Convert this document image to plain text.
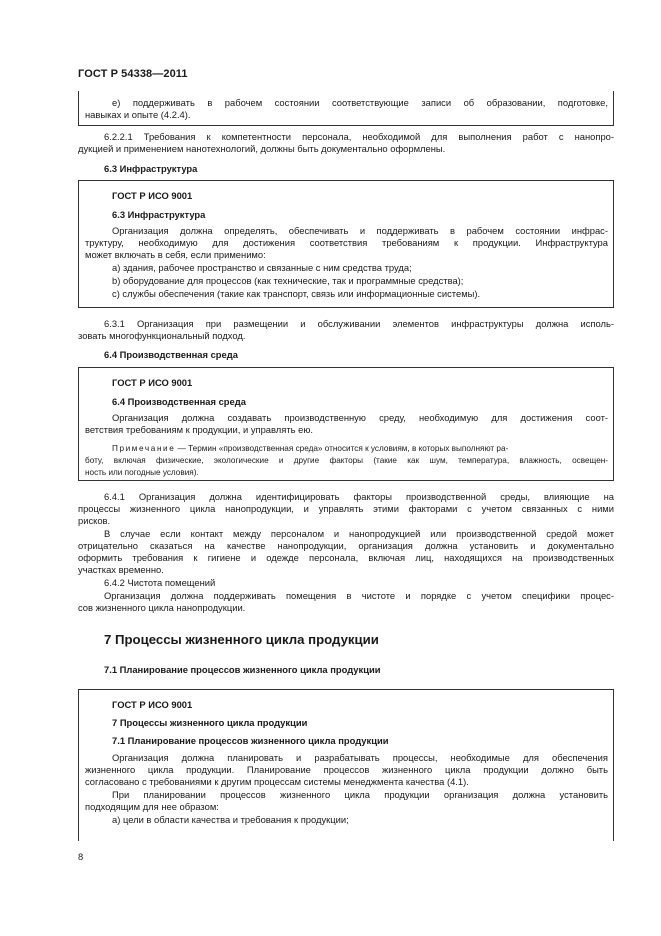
ГОСТ Р 54338—2011
e) поддерживать в рабочем состоянии соответствующие записи об образовании, подготовке,
навыках и опыте (4.2.4).
6.2.2.1 Требования к компетентности персонала, необходимой для выполнения работ с нанопро-
дукцией и применением нанотехнологий, должны быть документально оформлены.
6.3 Инфраструктура
ГОСТ Р ИСО 9001
6.3 Инфраструктура
Организация должна определять, обеспечивать и поддерживать в рабочем состоянии инфрас-
труктуру, необходимую для достижения соответствия требованиям к продукции. Инфраструктура
может включать в себя, если применимо:
a) здания, рабочее пространство и связанные с ним средства труда;
b) оборудование для процессов (как технические, так и программные средства);
c) службы обеспечения (такие как транспорт, связь или информационные системы).
6.3.1 Организация при размещении и обслуживании элементов инфраструктуры должна исполь-
зовать многофункциональный подход.
6.4 Производственная среда
ГОСТ Р ИСО 9001
6.4 Производственная среда
Организация должна создавать производственную среду, необходимую для достижения соот-
ветствия требованиям к продукции, и управлять ею.
Примечание — Термин «производственная среда» относится к условиям, в которых выполняют ра-
боту, включая физические, экологические и другие факторы (такие как шум, температура, влажность, освещен-
ность или погодные условия).
6.4.1 Организация должна идентифицировать факторы производственной среды, влияющие на
процессы жизненного цикла нанопродукции, и управлять этими факторами с учетом связанных с ними
рисков.
В случае если контакт между персоналом и нанопродукцией или производственной средой может
отрицательно сказаться на качестве нанопродукции, организация должна установить и документально
оформить требования к гигиене и одежде персонала, включая лиц, находящихся на производственных
участках временно.
6.4.2 Чистота помещений
Организация должна поддерживать помещения в чистоте и порядке с учетом специфики процес-
сов жизненного цикла нанопродукции.
7 Процессы жизненного цикла продукции
7.1 Планирование процессов жизненного цикла продукции
ГОСТ Р ИСО 9001
7 Процессы жизненного цикла продукции
7.1 Планирование процессов жизненного цикла продукции
Организация должна планировать и разрабатывать процессы, необходимые для обеспечения
жизненного цикла продукции. Планирование процессов жизненного цикла продукции должно быть
согласовано с требованиями к другим процессам системы менеджмента качества (4.1).
При планировании процессов жизненного цикла продукции организация должна установить
подходящим для нее образом:
a) цели в области качества и требования к продукции;
8
